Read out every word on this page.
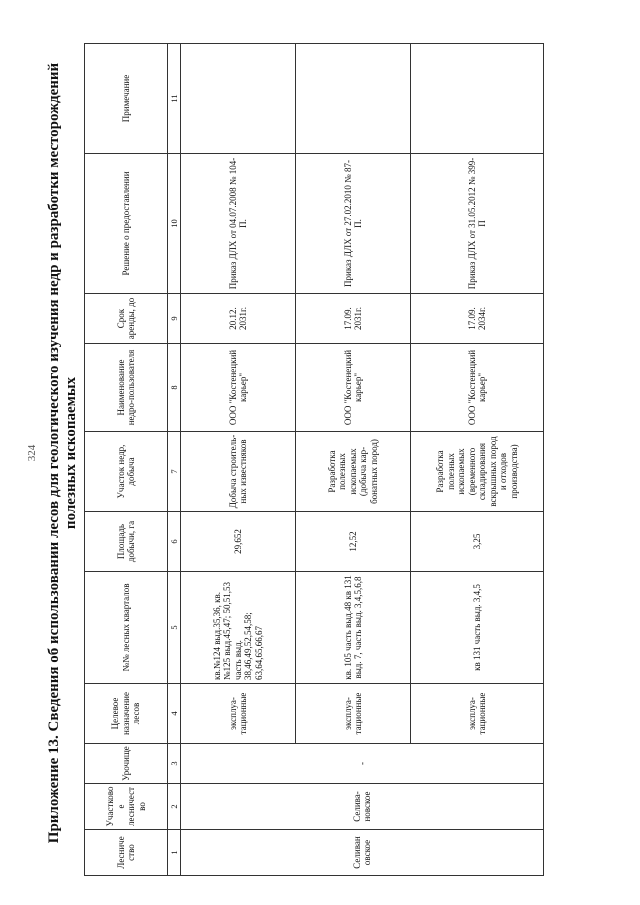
324 Приложение 13. Сведения об использовании лесов для геологического изучения недр и разработки месторождений полезных ископаемых
Лесниче ство	Участковое лесничество	Урочище	Целевое назначение лесов	№№ лесных кварталов	Площадь добычи, га	Участок недр, добыча	Наименование недро-пользователя	Срок аренды, до	Решение о предоставлении	Примечание
1	2	3	4	5	6	7	8	9	10	11
Селиван овское	Селива-новское	-	эксплуа-тационные	кв.№124 выд.35,36, кв.№125 выд.45,47; 50,51,53 часть выд. 38,46,49,52,54,58; 63,64,65,66,67	29,652	Добыча строитель-ных известняков	ООО "Костенецкий карьер"	20.12. 2031г.	Приказ ДЛХ от 04.07.2008 № 104-П.	
			эксплуа-тационные	кв. 105 часть выд.48 кв 131 выд. 7, часть выд. 3,4,5,6,8	12,52	Разработка полезных ископаемых (добыча кар-бонатных пород)	ООО "Костенецкий карьер"	17.09. 2031г.	Приказ ДЛХ от 27.02.2010 № 87-П.	
			эксплуа-тационные	кв 131 часть выд. 3,4,5	3,25	Разработка полезных ископаемых (временного складирования вскрышных пород и отходов производства)	ООО "Костенецкий карьер"	17.09. 2034г.	Приказ ДЛХ от 31.05.2012 № 399-П	
